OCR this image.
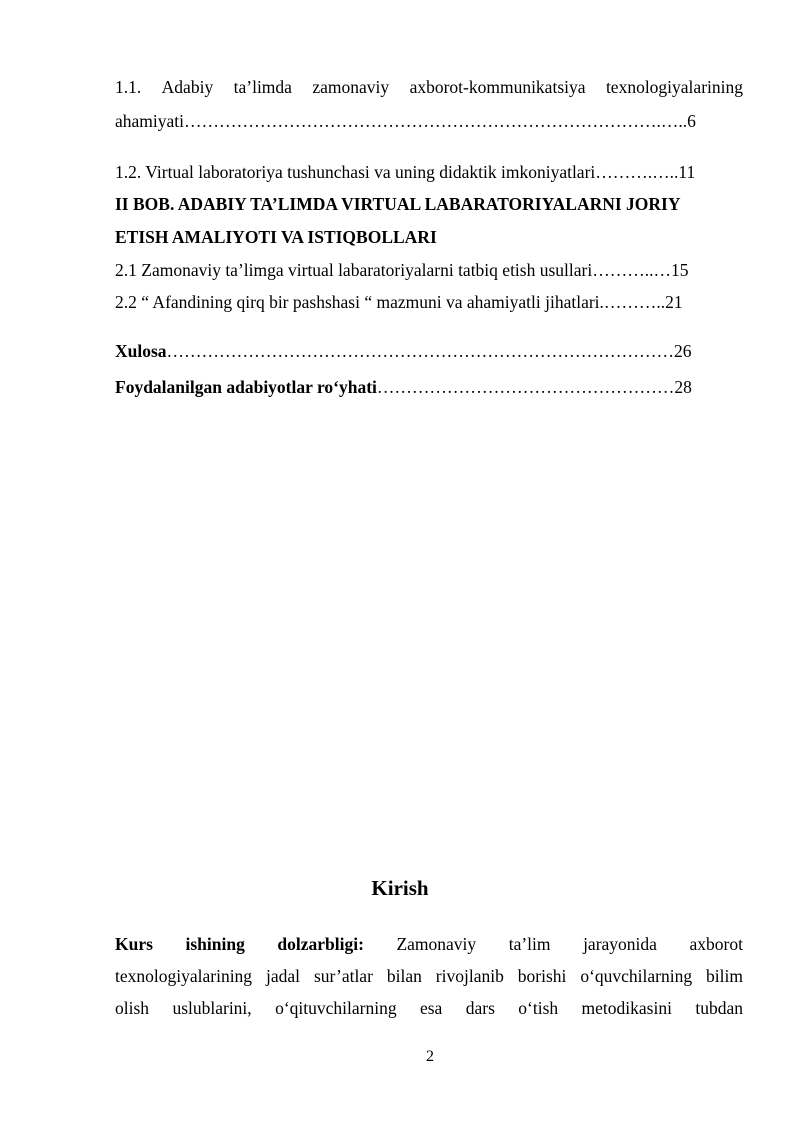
1.1. Adabiy ta’limda zamonaviy axborot-kommunikatsiya texnologiyalarining
ahamiyati……………………………………………………………………….…..6
1.2. Virtual laboratoriya tushunchasi va uning didaktik imkoniyatlari……….…..11
II BOB. ADABIY TA’LIMDA VIRTUAL LABARATORIYALARNI JORIY
ETISH AMALIYOTI VA ISTIQBOLLARI
2.1 Zamonaviy ta’limga virtual labaratoriyalarni tatbiq etish usullari………..…15
2.2 “ Afandining qirq bir pashshasi “ mazmuni va ahamiyatli jihatlari.………..21
Xulosa……………………………………………………………………………26
Foydalanilgan adabiyotlar ro‘yhati……………………………………………28
Kirish
Kurs ishining dolzarbligi: Zamonaviy ta’lim jarayonida axborot
texnologiyalarining jadal sur’atlar bilan rivojlanib borishi o‘quvchilarning bilim
olish uslublarini, o‘qituvchilarning esa dars o‘tish metodikasini tubdan
2
